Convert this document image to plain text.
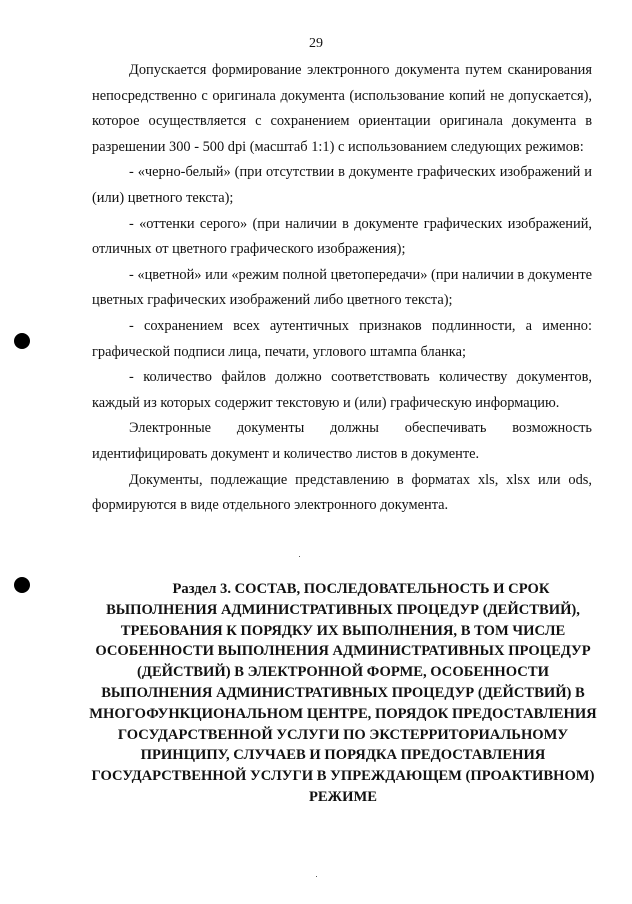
29

Допускается формирование электронного документа путем сканирования непосредственно с оригинала документа (использование копий не допускается), которое осуществляется с сохранением ориентации оригинала документа в разрешении 300 - 500 dpi (масштаб 1:1) с использованием следующих режимов:

- «черно-белый» (при отсутствии в документе графических изображений и (или) цветного текста);

- «оттенки серого» (при наличии в документе графических изображений, отличных от цветного графического изображения);

- «цветной» или «режим полной цветопередачи» (при наличии в документе цветных графических изображений либо цветного текста);

- сохранением всех аутентичных признаков подлинности, а именно: графической подписи лица, печати, углового штампа бланка;

- количество файлов должно соответствовать количеству документов, каждый из которых содержит текстовую и (или) графическую информацию.

Электронные документы должны обеспечивать возможность идентифицировать документ и количество листов в документе.

Документы, подлежащие представлению в форматах xls, xlsx или ods, формируются в виде отдельного электронного документа.

Раздел 3. СОСТАВ, ПОСЛЕДОВАТЕЛЬНОСТЬ И СРОК ВЫПОЛНЕНИЯ АДМИНИСТРАТИВНЫХ ПРОЦЕДУР (ДЕЙСТВИЙ), ТРЕБОВАНИЯ К ПОРЯДКУ ИХ ВЫПОЛНЕНИЯ, В ТОМ ЧИСЛЕ ОСОБЕННОСТИ ВЫПОЛНЕНИЯ АДМИНИСТРАТИВНЫХ ПРОЦЕДУР (ДЕЙСТВИЙ) В ЭЛЕКТРОННОЙ ФОРМЕ, ОСОБЕННОСТИ ВЫПОЛНЕНИЯ АДМИНИСТРАТИВНЫХ ПРОЦЕДУР (ДЕЙСТВИЙ) В МНОГОФУНКЦИОНАЛЬНОМ ЦЕНТРЕ, ПОРЯДОК ПРЕДОСТАВЛЕНИЯ ГОСУДАРСТВЕННОЙ УСЛУГИ ПО ЭКСТЕРРИТОРИАЛЬНОМУ ПРИНЦИПУ, СЛУЧАЕВ И ПОРЯДКА ПРЕДОСТАВЛЕНИЯ ГОСУДАРСТВЕННОЙ УСЛУГИ В УПРЕЖДАЮЩЕМ (ПРОАКТИВНОМ) РЕЖИМЕ
